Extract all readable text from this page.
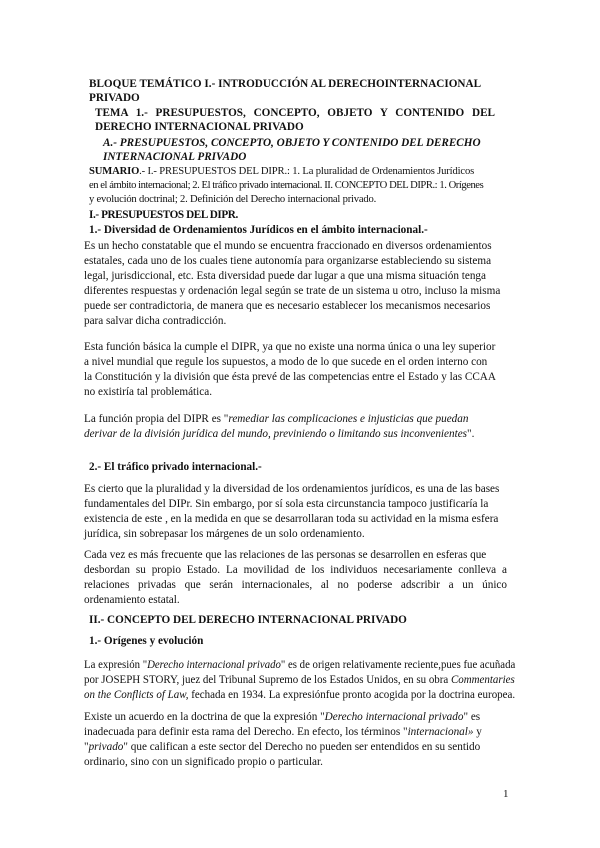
BLOQUE TEMÁTICO I.- INTRODUCCIÓN AL DERECHOINTERNACIONAL
PRIVADO
TEMA 1.- PRESUPUESTOS, CONCEPTO, OBJETO Y CONTENIDO DEL
DERECHO INTERNACIONAL PRIVADO
A.- PRESUPUESTOS, CONCEPTO, OBJETO Y CONTENIDO DEL DERECHO
INTERNACIONAL PRIVADO
SUMARIO.- I.- PRESUPUESTOS DEL DIPR.: 1. La pluralidad de Ordenamientos Jurídicos
en el ámbito internacional; 2. El tráfico privado internacional. II. CONCEPTO DEL DIPR.: 1. Orígenes
y evolución doctrinal; 2. Definición del Derecho internacional privado.
I.- PRESUPUESTOS DEL DIPR.
1.- Diversidad de Ordenamientos Jurídicos en el ámbito internacional.-
Es un hecho constatable que el mundo se encuentra fraccionado en diversos ordenamientos
estatales, cada uno de los cuales tiene autonomía para organizarse estableciendo su sistema
legal, jurisdiccional, etc. Esta diversidad puede dar lugar a que una misma situación tenga
diferentes respuestas y ordenación legal según se trate de un sistema u otro, incluso la misma
puede ser contradictoria, de manera que es necesario establecer los mecanismos necesarios
para salvar dicha contradicción.
Esta función básica la cumple el DIPR, ya que no existe una norma única o una ley superior
a nivel mundial que regule los supuestos, a modo de lo que sucede en el orden interno con
la Constitución y la división que ésta prevé de las competencias entre el Estado y las CCAA
no existiría tal problemática.
La función propia del DIPR es "remediar las complicaciones e injusticias que puedan
derivar de la división jurídica del mundo, previniendo o limitando sus inconvenientes".
2.- El tráfico privado internacional.-
Es cierto que la pluralidad y la diversidad de los ordenamientos jurídicos, es una de las bases
fundamentales del DIPr. Sin embargo, por sí sola esta circunstancia tampoco justificaría la
existencia de este , en la medida en que se desarrollaran toda su actividad en la misma esfera
jurídica, sin sobrepasar los márgenes de un solo ordenamiento.
Cada vez es más frecuente que las relaciones de las personas se desarrollen en esferas que
desbordan su propio Estado. La movilidad de los individuos necesariamente conlleva a
relaciones privadas que serán internacionales, al no poderse adscribir a un único
ordenamiento estatal.
II.- CONCEPTO DEL DERECHO INTERNACIONAL PRIVADO
1.- Orígenes y evolución
La expresión "Derecho internacional privado" es de origen relativamente reciente,pues fue acuñada
por JOSEPH STORY, juez del Tribunal Supremo de los Estados Unidos, en su obra Commentaries
on the Conflicts of Law, fechada en 1934. La expresiónfue pronto acogida por la doctrina europea.
Existe un acuerdo en la doctrina de que la expresión "Derecho internacional privado" es
inadecuada para definir esta rama del Derecho. En efecto, los términos "internacional» y
"privado" que califican a este sector del Derecho no pueden ser entendidos en su sentido
ordinario, sino con un significado propio o particular.
1
